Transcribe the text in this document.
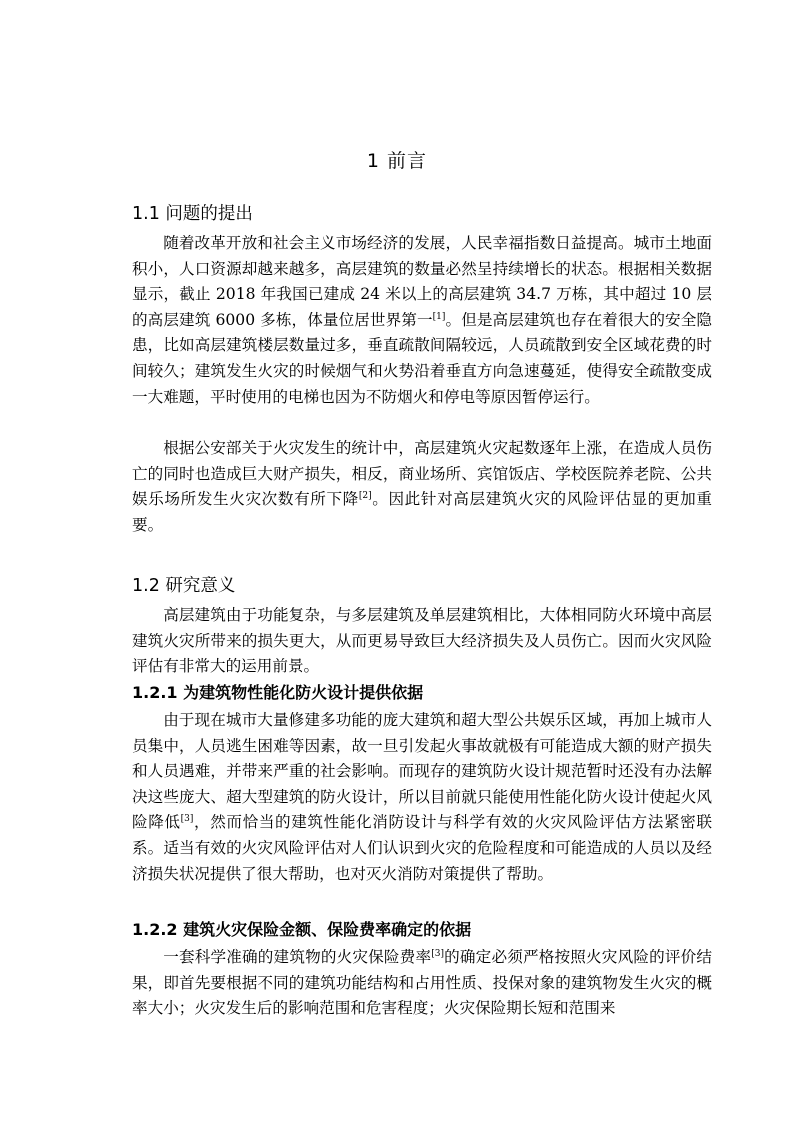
1 前言
1.1 问题的提出

随着改革开放和社会主义市场经济的发展，人民幸福指数日益提高。城市土地面积小，人口资源却越来越多，高层建筑的数量必然呈持续增长的状态。根据相关数据显示，截止 2018 年我国已建成 24 米以上的高层建筑 34.7 万栋，其中超过 10 层的高层建筑 6000 多栋，体量位居世界第一[1]。但是高层建筑也存在着很大的安全隐患，比如高层建筑楼层数量过多，垂直疏散间隔较远，人员疏散到安全区域花费的时间较久；建筑发生火灾的时候烟气和火势沿着垂直方向急速蔓延，使得安全疏散变成一大难题，平时使用的电梯也因为不防烟火和停电等原因暂停运行。

根据公安部关于火灾发生的统计中，高层建筑火灾起数逐年上涨，在造成人员伤亡的同时也造成巨大财产损失，相反，商业场所、宾馆饭店、学校医院养老院、公共娱乐场所发生火灾次数有所下降[2]。因此针对高层建筑火灾的风险评估显的更加重要。

1.2 研究意义

高层建筑由于功能复杂，与多层建筑及单层建筑相比，大体相同防火环境中高层建筑火灾所带来的损失更大，从而更易导致巨大经济损失及人员伤亡。因而火灾风险评估有非常大的运用前景。

1.2.1 为建筑物性能化防火设计提供依据

由于现在城市大量修建多功能的庞大建筑和超大型公共娱乐区域，再加上城市人员集中，人员逃生困难等因素，故一旦引发起火事故就极有可能造成大额的财产损失和人员遇难，并带来严重的社会影响。而现存的建筑防火设计规范暂时还没有办法解决这些庞大、超大型建筑的防火设计，所以目前就只能使用性能化防火设计使起火风险降低[3]，然而恰当的建筑性能化消防设计与科学有效的火灾风险评估方法紧密联系。适当有效的火灾风险评估对人们认识到火灾的危险程度和可能造成的人员以及经济损失状况提供了很大帮助，也对灭火消防对策提供了帮助。

1.2.2 建筑火灾保险金额、保险费率确定的依据

一套科学准确的建筑物的火灾保险费率[3]的确定必须严格按照火灾风险的评价结果，即首先要根据不同的建筑功能结构和占用性质、投保对象的建筑物发生火灾的概率大小；火灾发生后的影响范围和危害程度；火灾保险期长短和范围来
